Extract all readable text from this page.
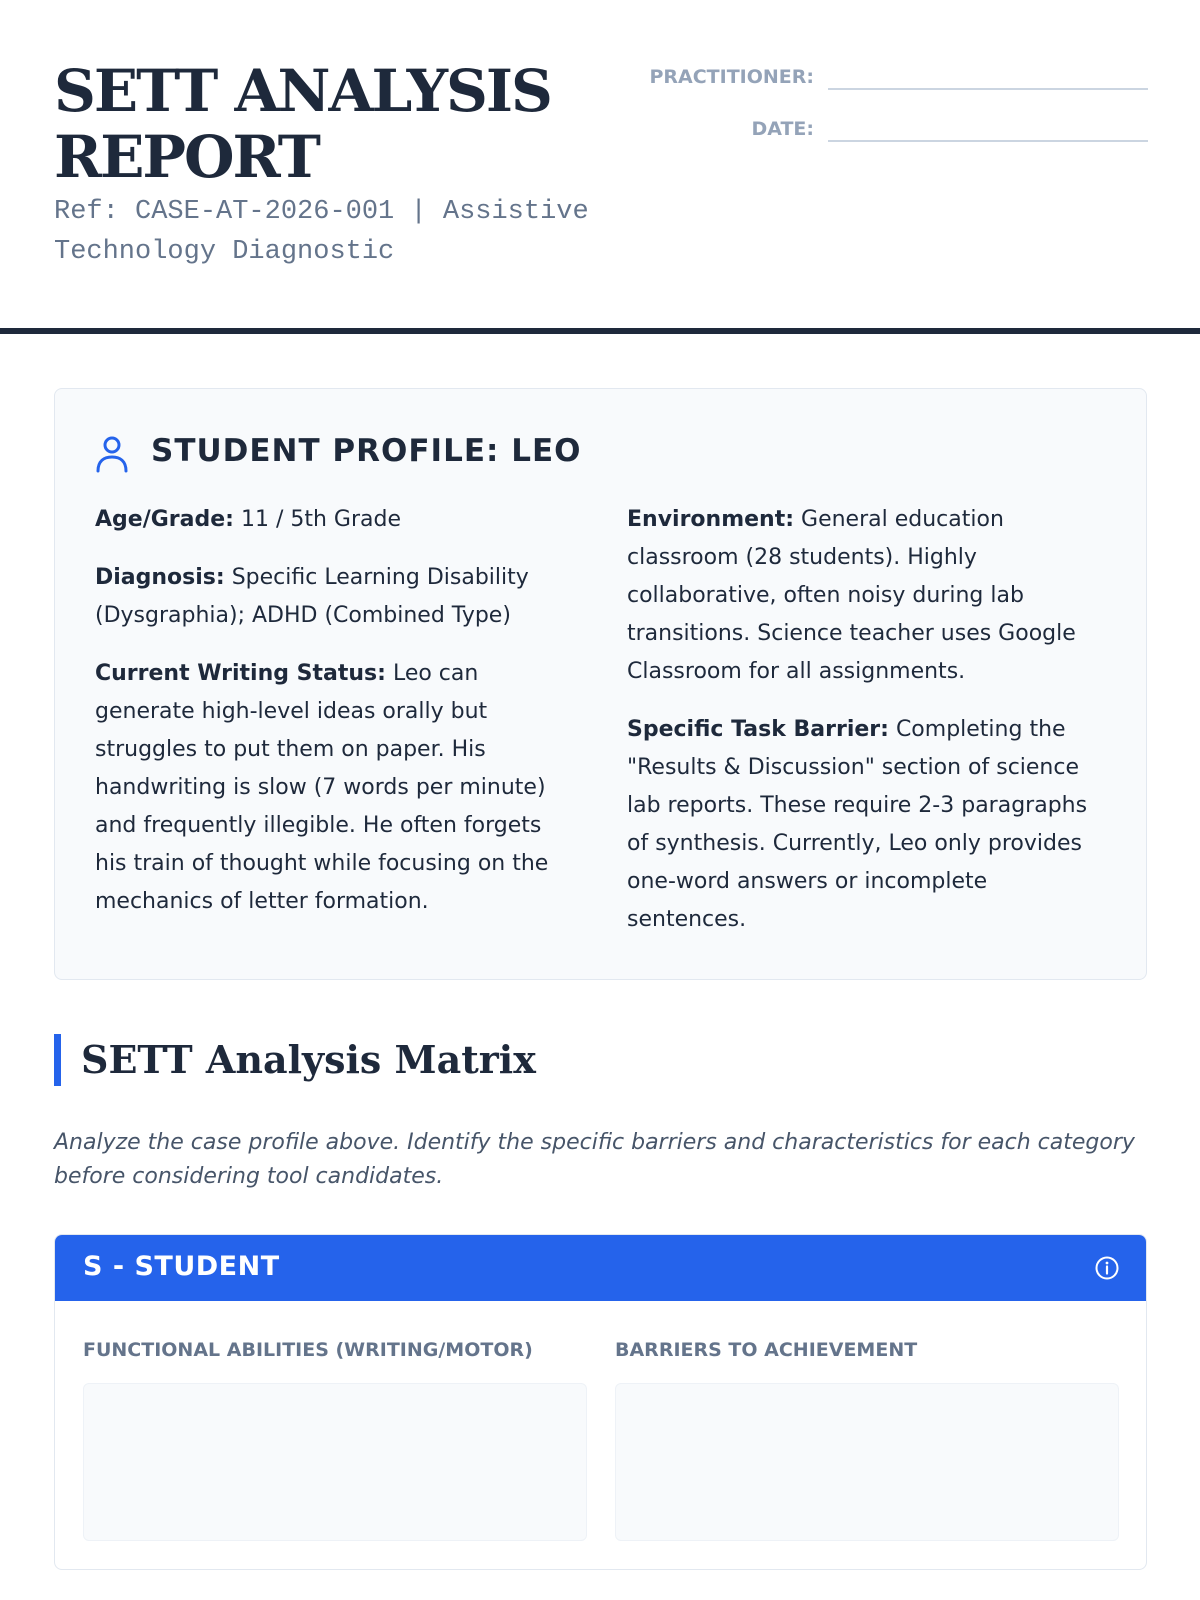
SETT ANALYSIS REPORT
Ref: CASE-AT-2026-001 | Assistive Technology Diagnostic
PRACTITIONER:
DATE:
STUDENT PROFILE: LEO

Age/Grade: 11 / 5th Grade

Diagnosis: Specific Learning Disability (Dysgraphia); ADHD (Combined Type)

Current Writing Status: Leo can generate high-level ideas orally but struggles to put them on paper. His handwriting is slow (7 words per minute) and frequently illegible. He often forgets his train of thought while focusing on the mechanics of letter formation.

Environment: General education classroom (28 students). Highly collaborative, often noisy during lab transitions. Science teacher uses Google Classroom for all assignments.

Specific Task Barrier: Completing the "Results & Discussion" section of science lab reports. These require 2-3 paragraphs of synthesis. Currently, Leo only provides one-word answers or incomplete sentences.

SETT Analysis Matrix

Analyze the case profile above. Identify the specific barriers and characteristics for each category before considering tool candidates.

S - STUDENT
FUNCTIONAL ABILITIES (WRITING/MOTOR)	BARRIERS TO ACHIEVEMENT
